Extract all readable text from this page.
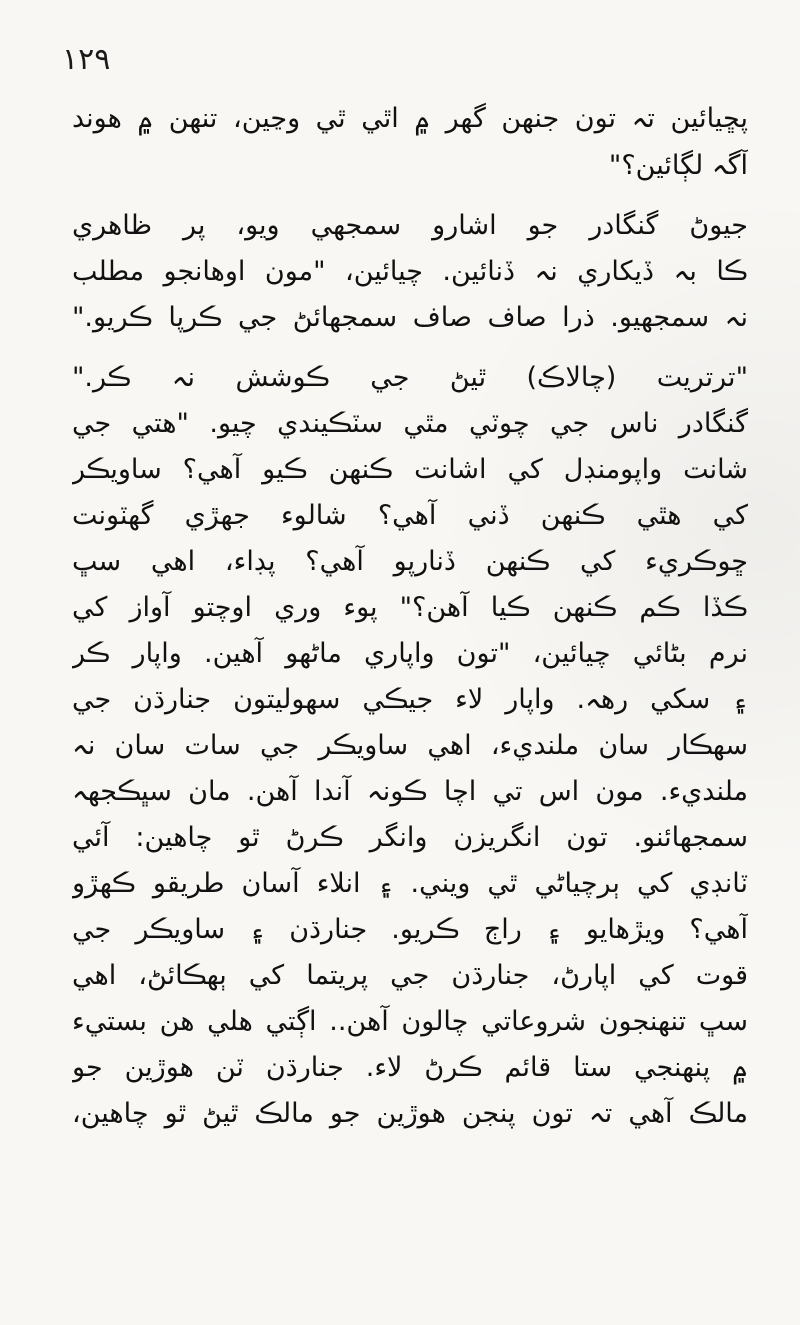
١٢٩
پڇيائين تہ تون جنهن گهر ۾ اٿي ٿي وڃين، تنهن ۾ هوند
آگہ لڳائين؟"
جيوڻ گنگادر جو اشارو سمجهي ويو، پر ظاهري
ڪا بہ ڏيکاري نہ ڏنائين. چيائين، "مون اوهانجو مطلب
نہ سمجهيو. ذرا صاف صاف سمجهائڻ جي ڪرپا ڪريو."
"ترتريت (چالاڪ) ٿيڻ جي ڪوشش نہ ڪر."
گنگادر ناس جي چوٽي مٿي سٽڪيندي چيو. "هتي جي
شانت واپومنڊل کي اشانت ڪنهن ڪيو آهي؟ ساويڪر
کي هٿي ڪنهن ڏني آهي؟ شالوء جهڙي گهٽونت
ڇوڪريء کي ڪنهن ڏنارپو آهي؟ پڊاء، اهي سڀ
ڪڏا ڪم ڪنهن ڪيا آهن؟" پوء وري اوچتو آواز کي
نرم بڻائي چيائين، "تون واپاري ماڻهو آهين. واپار ڪر
۽ سکي رهہ. واپار لاء جيڪي سهوليتون جنارڌن جي
سهڪار سان ملنديء، اهي ساويڪر جي سات سان نہ
ملنديء. مون اس تي اچا ڪونہ آندا آهن. مان سڀڪجهہ
سمجهائنو. تون انگريزن وانگر ڪرڻ ٿو چاهين: آئي
ٽانڊي کي ٻرچياڻي ٿي ويني. ۽ انلاء آسان طريقو ڪهڙو
آهي؟ ويڙهايو ۽ راڄ ڪريو. جنارڌن ۽ ساويڪر جي
قوت کي اپارڻ، جنارڌن جي پريتما کي ٻهڪائڻ، اهي
سڀ تنهنجون شروعاتي چالون آهن.. اڳتي هلي هن بستيء
۾ پنهنجي ستا قائم ڪرڻ لاء. جنارڌن ٽن هوڙين جو
مالڪ آهي تہ تون پنجن هوڙين جو مالڪ ٿيڻ ٿو چاهين،
